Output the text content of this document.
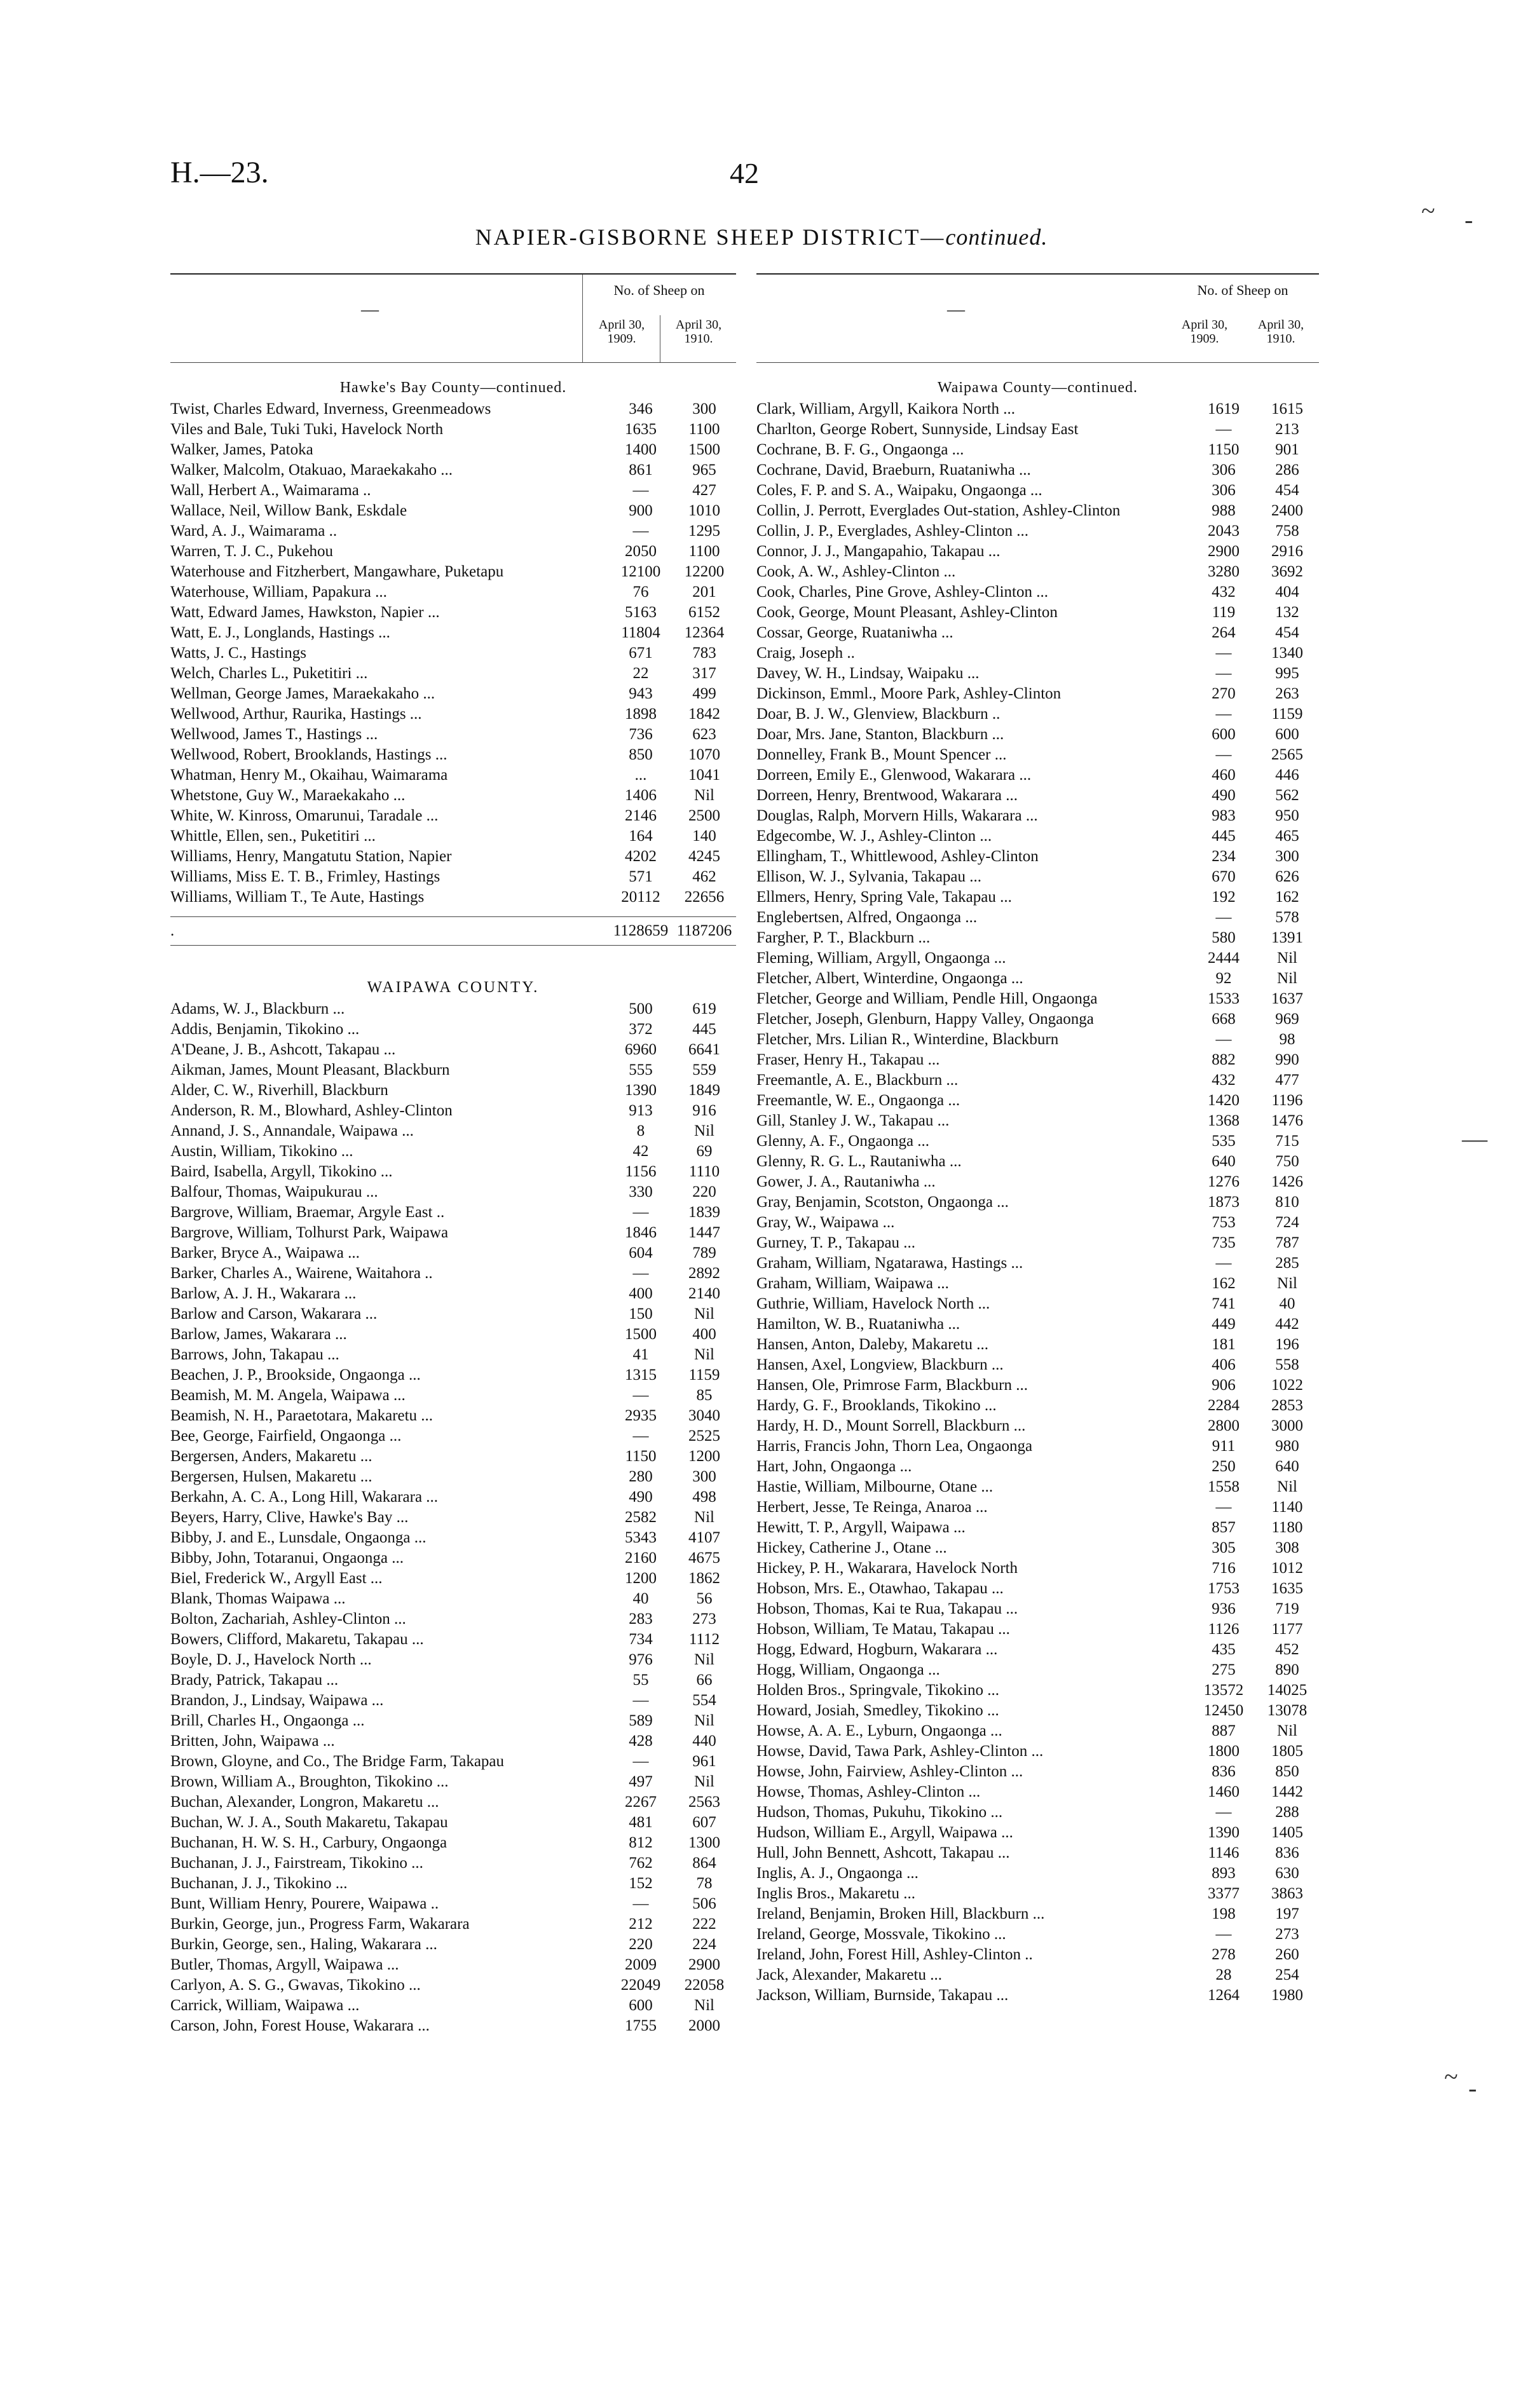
H.—23.	42
NAPIER-GISBORNE SHEEP DISTRICT—continued.
~ -
—
~ -
—
No. of Sheep on
April 30,
1909.
April 30,
1910.
Hawke's Bay County—continued.
Twist, Charles Edward, Inverness, Greenmeadows	346	300
Viles and Bale, Tuki Tuki, Havelock North	1635	1100
Walker, James, Patoka	1400	1500
Walker, Malcolm, Otakuao, Maraekakaho ...	861	965
Wall, Herbert A., Waimarama ..	—	427
Wallace, Neil, Willow Bank, Eskdale	900	1010
Ward, A. J., Waimarama ..	—	1295
Warren, T. J. C., Pukehou	2050	1100
Waterhouse and Fitzherbert, Mangawhare, Puketapu	12100	12200
Waterhouse, William, Papakura ...	76	201
Watt, Edward James, Hawkston, Napier ...	5163	6152
Watt, E. J., Longlands, Hastings ...	11804	12364
Watts, J. C., Hastings	671	783
Welch, Charles L., Puketitiri ...	22	317
Wellman, George James, Maraekakaho ...	943	499
Wellwood, Arthur, Raurika, Hastings ...	1898	1842
Wellwood, James T., Hastings ...	736	623
Wellwood, Robert, Brooklands, Hastings ...	850	1070
Whatman, Henry M., Okaihau, Waimarama	...	1041
Whetstone, Guy W., Maraekakaho ...	1406	Nil
White, W. Kinross, Omarunui, Taradale ...	2146	2500
Whittle, Ellen, sen., Puketitiri ...	164	140
Williams, Henry, Mangatutu Station, Napier	4202	4245
Williams, Miss E. T. B., Frimley, Hastings	571	462
Williams, William T., Te Aute, Hastings	20112	22656
.	1128659 1187206
WAIPAWA COUNTY.
Adams, W. J., Blackburn ...	500	619
Addis, Benjamin, Tikokino ...	372	445
A'Deane, J. B., Ashcott, Takapau ...	6960	6641
Aikman, James, Mount Pleasant, Blackburn	555	559
Alder, C. W., Riverhill, Blackburn	1390	1849
Anderson, R. M., Blowhard, Ashley-Clinton	913	916
Annand, J. S., Annandale, Waipawa ...	8	Nil
Austin, William, Tikokino ...	42	69
Baird, Isabella, Argyll, Tikokino ...	1156	1110
Balfour, Thomas, Waipukurau ...	330	220
Bargrove, William, Braemar, Argyle East ..	—	1839
Bargrove, William, Tolhurst Park, Waipawa	1846	1447
Barker, Bryce A., Waipawa ...	604	789
Barker, Charles A., Wairene, Waitahora ..	—	2892
Barlow, A. J. H., Wakarara ...	400	2140
Barlow and Carson, Wakarara ...	150	Nil
Barlow, James, Wakarara ...	1500	400
Barrows, John, Takapau ...	41	Nil
Beachen, J. P., Brookside, Ongaonga ...	1315	1159
Beamish, M. M. Angela, Waipawa ...	—	85
Beamish, N. H., Paraetotara, Makaretu ...	2935	3040
Bee, George, Fairfield, Ongaonga ...	—	2525
Bergersen, Anders, Makaretu ...	1150	1200
Bergersen, Hulsen, Makaretu ...	280	300
Berkahn, A. C. A., Long Hill, Wakarara ...	490	498
Beyers, Harry, Clive, Hawke's Bay ...	2582	Nil
Bibby, J. and E., Lunsdale, Ongaonga ...	5343	4107
Bibby, John, Totaranui, Ongaonga ...	2160	4675
Biel, Frederick W., Argyll East ...	1200	1862
Blank, Thomas Waipawa ...	40	56
Bolton, Zachariah, Ashley-Clinton ...	283	273
Bowers, Clifford, Makaretu, Takapau ...	734	1112
Boyle, D. J., Havelock North ...	976	Nil
Brady, Patrick, Takapau ...	55	66
Brandon, J., Lindsay, Waipawa ...	—	554
Brill, Charles H., Ongaonga ...	589	Nil
Britten, John, Waipawa ...	428	440
Brown, Gloyne, and Co., The Bridge Farm, Takapau	—	961
Brown, William A., Broughton, Tikokino ...	497	Nil
Buchan, Alexander, Longron, Makaretu ...	2267	2563
Buchan, W. J. A., South Makaretu, Takapau	481	607
Buchanan, H. W. S. H., Carbury, Ongaonga	812	1300
Buchanan, J. J., Fairstream, Tikokino ...	762	864
Buchanan, J. J., Tikokino ...	152	78
Bunt, William Henry, Pourere, Waipawa ..	—	506
Burkin, George, jun., Progress Farm, Wakarara	212	222
Burkin, George, sen., Haling, Wakarara ...	220	224
Butler, Thomas, Argyll, Waipawa ...	2009	2900
Carlyon, A. S. G., Gwavas, Tikokino ...	22049	22058
Carrick, William, Waipawa ...	600	Nil
Carson, John, Forest House, Wakarara ...	1755	2000
—
No. of Sheep on
April 30,
1909.
April 30,
1910.
Waipawa County—continued.
Clark, William, Argyll, Kaikora North ...	1619	1615
Charlton, George Robert, Sunnyside, Lindsay East	—	213
Cochrane, B. F. G., Ongaonga ...	1150	901
Cochrane, David, Braeburn, Ruataniwha ...	306	286
Coles, F. P. and S. A., Waipaku, Ongaonga ...	306	454
Collin, J. Perrott, Everglades Out-station, Ashley-Clinton	988	2400
Collin, J. P., Everglades, Ashley-Clinton ...	2043	758
Connor, J. J., Mangapahio, Takapau ...	2900	2916
Cook, A. W., Ashley-Clinton ...	3280	3692
Cook, Charles, Pine Grove, Ashley-Clinton ...	432	404
Cook, George, Mount Pleasant, Ashley-Clinton	119	132
Cossar, George, Ruataniwha ...	264	454
Craig, Joseph ..	—	1340
Davey, W. H., Lindsay, Waipaku ...	—	995
Dickinson, Emml., Moore Park, Ashley-Clinton	270	263
Doar, B. J. W., Glenview, Blackburn ..	—	1159
Doar, Mrs. Jane, Stanton, Blackburn ...	600	600
Donnelley, Frank B., Mount Spencer ...	—	2565
Dorreen, Emily E., Glenwood, Wakarara ...	460	446
Dorreen, Henry, Brentwood, Wakarara ...	490	562
Douglas, Ralph, Morvern Hills, Wakarara ...	983	950
Edgecombe, W. J., Ashley-Clinton ...	445	465
Ellingham, T., Whittlewood, Ashley-Clinton	234	300
Ellison, W. J., Sylvania, Takapau ...	670	626
Ellmers, Henry, Spring Vale, Takapau ...	192	162
Englebertsen, Alfred, Ongaonga ...	—	578
Fargher, P. T., Blackburn ...	580	1391
Fleming, William, Argyll, Ongaonga ...	2444	Nil
Fletcher, Albert, Winterdine, Ongaonga ...	92	Nil
Fletcher, George and William, Pendle Hill, Ongaonga	1533	1637
Fletcher, Joseph, Glenburn, Happy Valley, Ongaonga	668	969
Fletcher, Mrs. Lilian R., Winterdine, Blackburn	—	98
Fraser, Henry H., Takapau ...	882	990
Freemantle, A. E., Blackburn ...	432	477
Freemantle, W. E., Ongaonga ...	1420	1196
Gill, Stanley J. W., Takapau ...	1368	1476
Glenny, A. F., Ongaonga ...	535	715
Glenny, R. G. L., Rautaniwha ...	640	750
Gower, J. A., Rautaniwha ...	1276	1426
Gray, Benjamin, Scotston, Ongaonga ...	1873	810
Gray, W., Waipawa ...	753	724
Gurney, T. P., Takapau ...	735	787
Graham, William, Ngatarawa, Hastings ...	—	285
Graham, William, Waipawa ...	162	Nil
Guthrie, William, Havelock North ...	741	40
Hamilton, W. B., Ruataniwha ...	449	442
Hansen, Anton, Daleby, Makaretu ...	181	196
Hansen, Axel, Longview, Blackburn ...	406	558
Hansen, Ole, Primrose Farm, Blackburn ...	906	1022
Hardy, G. F., Brooklands, Tikokino ...	2284	2853
Hardy, H. D., Mount Sorrell, Blackburn ...	2800	3000
Harris, Francis John, Thorn Lea, Ongaonga	911	980
Hart, John, Ongaonga ...	250	640
Hastie, William, Milbourne, Otane ...	1558	Nil
Herbert, Jesse, Te Reinga, Anaroa ...	—	1140
Hewitt, T. P., Argyll, Waipawa ...	857	1180
Hickey, Catherine J., Otane ...	305	308
Hickey, P. H., Wakarara, Havelock North	716	1012
Hobson, Mrs. E., Otawhao, Takapau ...	1753	1635
Hobson, Thomas, Kai te Rua, Takapau ...	936	719
Hobson, William, Te Matau, Takapau ...	1126	1177
Hogg, Edward, Hogburn, Wakarara ...	435	452
Hogg, William, Ongaonga ...	275	890
Holden Bros., Springvale, Tikokino ...	13572	14025
Howard, Josiah, Smedley, Tikokino ...	12450	13078
Howse, A. A. E., Lyburn, Ongaonga ...	887	Nil
Howse, David, Tawa Park, Ashley-Clinton ...	1800	1805
Howse, John, Fairview, Ashley-Clinton ...	836	850
Howse, Thomas, Ashley-Clinton ...	1460	1442
Hudson, Thomas, Pukuhu, Tikokino ...	—	288
Hudson, William E., Argyll, Waipawa ...	1390	1405
Hull, John Bennett, Ashcott, Takapau ...	1146	836
Inglis, A. J., Ongaonga ...	893	630
Inglis Bros., Makaretu ...	3377	3863
Ireland, Benjamin, Broken Hill, Blackburn ...	198	197
Ireland, George, Mossvale, Tikokino ...	—	273
Ireland, John, Forest Hill, Ashley-Clinton ..	278	260
Jack, Alexander, Makaretu ...	28	254
Jackson, William, Burnside, Takapau ...	1264	1980
